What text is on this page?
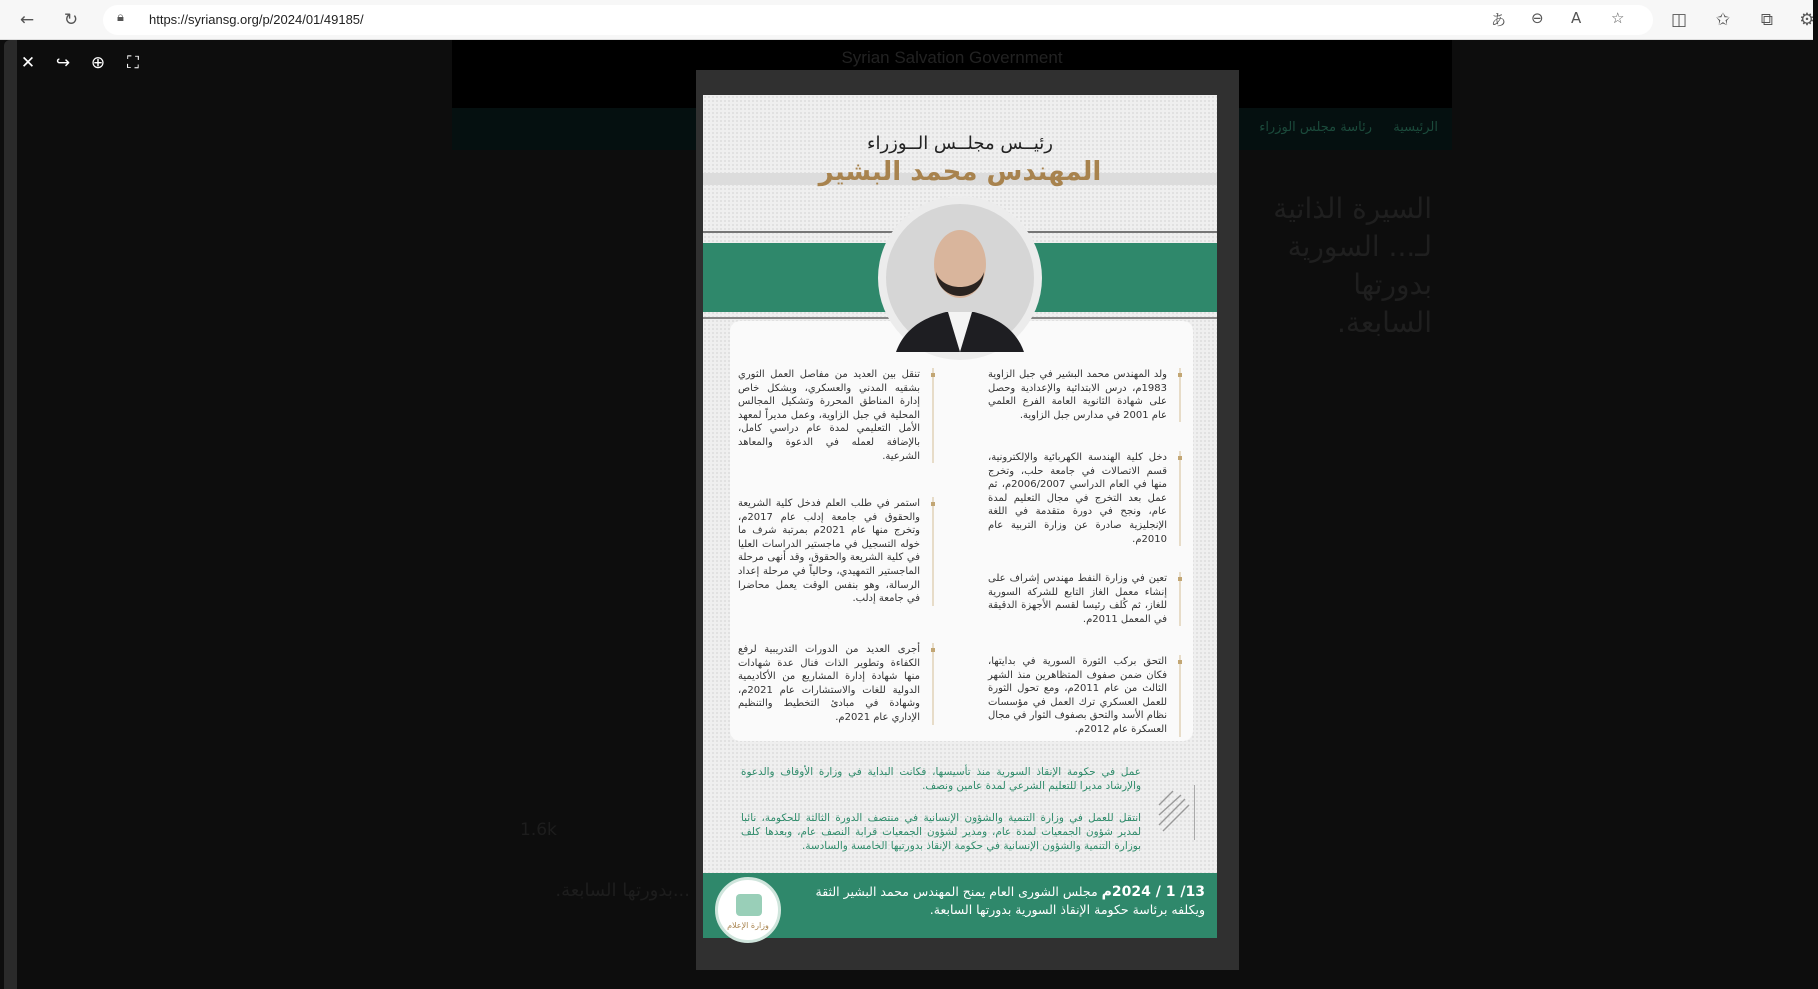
← ↻	🔒︎ https://syriansg.org/p/2024/01/49185/	あ ⊖ A ☆	◫ ✩ ⧉ ⚙
Syrian Salvation Government
الرئيسية
رئاسة مجلس الوزراء
السيرة الذاتية لـ... السورية بدورتها السابعة.
1.6k
...بدورتها السابعة.
✕ ↪ ⊕ ⛶
رئيــس مجلــس الــوزراء
المهندس محمد البشير
ولد المهندس محمد البشير في جبل الزاوية 1983م، درس الابتدائية والإعدادية وحصل على شهادة الثانوية العامة الفرع العلمي عام 2001 في مدارس جبل الزاوية.
دخل كلية الهندسة الكهربائية والإلكترونية، قسم الاتصالات في جامعة حلب، وتخرج منها في العام الدراسي 2006/2007م، ثم عمل بعد التخرج في مجال التعليم لمدة عام، ونجح في دورة متقدمة في اللغة الإنجليزية صادرة عن وزارة التربية عام 2010م.
تعين في وزارة النفط مهندس إشراف على إنشاء معمل الغاز التابع للشركة السورية للغاز، ثم كُلف رئيسا لقسم الأجهزة الدقيقة في المعمل 2011م.
التحق بركب الثورة السورية في بدايتها، فكان ضمن صفوف المتظاهرين منذ الشهر الثالث من عام 2011م، ومع تحول الثورة للعمل العسكري ترك العمل في مؤسسات نظام الأسد والتحق بصفوف الثوار في مجال العسكرة عام 2012م.
تنقل بين العديد من مفاصل العمل الثوري بشقيه المدني والعسكري، وبشكل خاص إدارة المناطق المحررة وتشكيل المجالس المحلية في جبل الزاوية، وعمل مديراً لمعهد الأمل التعليمي لمدة عام دراسي كامل، بالإضافة لعمله في الدعوة والمعاهد الشرعية.
استمر في طلب العلم فدخل كلية الشريعة والحقوق في جامعة إدلب عام 2017م، وتخرج منها عام 2021م بمرتبة شرف ما خوله التسجيل في ماجستير الدراسات العليا في كلية الشريعة والحقوق، وقد أنهى مرحلة الماجستير التمهيدي، وحالياً في مرحلة إعداد الرسالة، وهو بنفس الوقت يعمل محاضرا في جامعة إدلب.
أجرى العديد من الدورات التدريبية لرفع الكفاءة وتطوير الذات فنال عدة شهادات منها شهادة إدارة المشاريع من الأكاديمية الدولية للغات والاستشارات عام 2021م، وشهادة في مبادئ التخطيط والتنظيم الإداري عام 2021م.
عمل في حكومة الإنقاذ السورية منذ تأسيسها، فكانت البداية في وزارة الأوقاف والدعوة والإرشاد مديرا للتعليم الشرعي لمدة عامين ونصف.
انتقل للعمل في وزارة التنمية والشؤون الإنسانية في منتصف الدورة الثالثة للحكومة، نائبا لمدير شؤون الجمعيات لمدة عام، ومدير لشؤون الجمعيات قرابة النصف عام، وبعدها كلف بوزارة التنمية والشؤون الإنسانية في حكومة الإنقاذ بدورتيها الخامسة والسادسة.
وزارة الإعلام
13/ 1 / 2024م مجلس الشورى العام يمنح المهندس محمد البشير الثقة ويكلفه برئاسة حكومة الإنقاذ السورية بدورتها السابعة.
